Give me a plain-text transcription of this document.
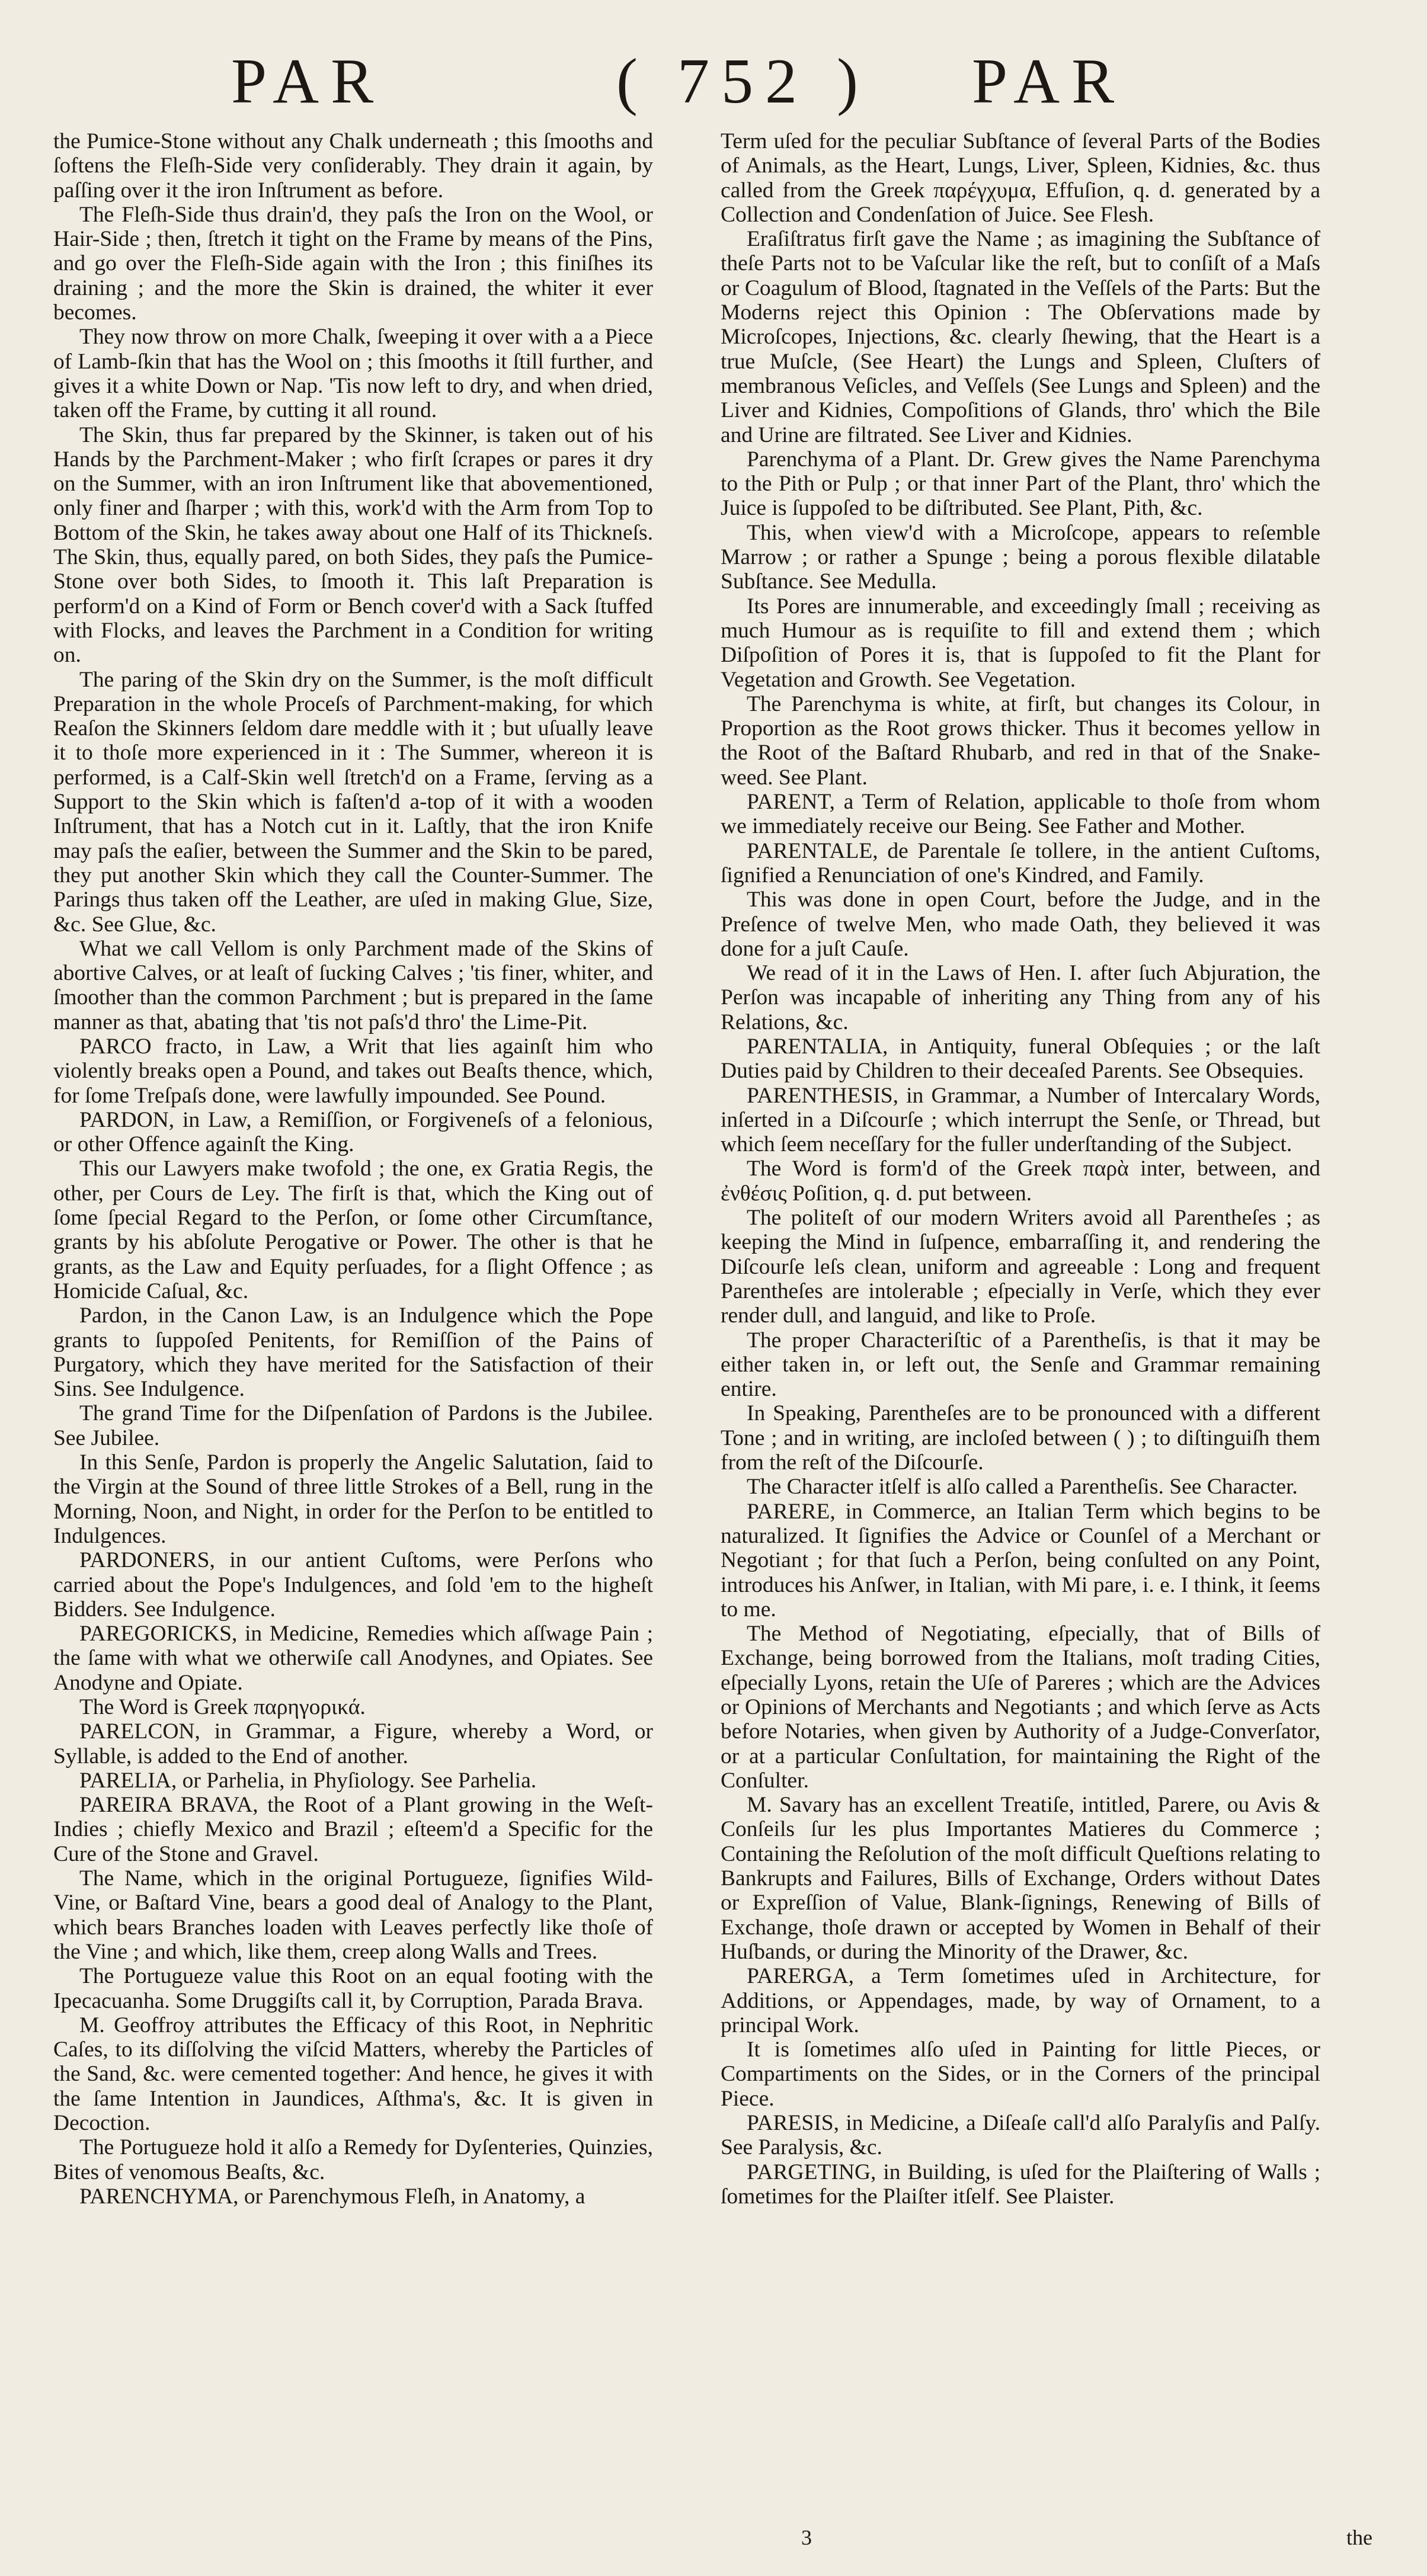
PAR	( 752 ) PAR

the Pumice-Stone without any Chalk underneath ; this ſmooths and ſoftens the Fleſh-Side very conſiderably. They drain it again, by paſſing over it the iron Inſtrument as before.

The Fleſh-Side thus drain'd, they paſs the Iron on the Wool, or Hair-Side ; then, ſtretch it tight on the Frame by means of the Pins, and go over the Fleſh-Side again with the Iron ; this finiſhes its draining ; and the more the Skin is drained, the whiter it ever becomes.

They now throw on more Chalk, ſweeping it over with a a Piece of Lamb-ſkin that has the Wool on ; this ſmooths it ſtill further, and gives it a white Down or Nap. 'Tis now left to dry, and when dried, taken off the Frame, by cutting it all round.

The Skin, thus far prepared by the Skinner, is taken out of his Hands by the Parchment-Maker ; who firſt ſcrapes or pares it dry on the Summer, with an iron Inſtrument like that abovementioned, only finer and ſharper ; with this, work'd with the Arm from Top to Bottom of the Skin, he takes away about one Half of its Thickneſs. The Skin, thus, equally pared, on both Sides, they paſs the Pumice-Stone over both Sides, to ſmooth it. This laſt Preparation is perform'd on a Kind of Form or Bench cover'd with a Sack ſtuffed with Flocks, and leaves the Parchment in a Condition for writing on.

The paring of the Skin dry on the Summer, is the moſt difficult Preparation in the whole Proceſs of Parchment-making, for which Reaſon the Skinners ſeldom dare meddle with it ; but uſually leave it to thoſe more experienced in it : The Summer, whereon it is performed, is a Calf-Skin well ſtretch'd on a Frame, ſerving as a Support to the Skin which is faſten'd a-top of it with a wooden Inſtrument, that has a Notch cut in it. Laſtly, that the iron Knife may paſs the eaſier, between the Summer and the Skin to be pared, they put another Skin which they call the Counter-Summer. The Parings thus taken off the Leather, are uſed in making Glue, Size, &c. See Glue, &c.

What we call Vellom is only Parchment made of the Skins of abortive Calves, or at leaſt of ſucking Calves ; 'tis finer, whiter, and ſmoother than the common Parchment ; but is prepared in the ſame manner as that, abating that 'tis not paſs'd thro' the Lime-Pit.

PARCO fracto, in Law, a Writ that lies againſt him who violently breaks open a Pound, and takes out Beaſts thence, which, for ſome Treſpaſs done, were lawfully impounded. See Pound.

PARDON, in Law, a Remiſſion, or Forgiveneſs of a felonious, or other Offence againſt the King.

This our Lawyers make twofold ; the one, ex Gratia Regis, the other, per Cours de Ley. The firſt is that, which the King out of ſome ſpecial Regard to the Perſon, or ſome other Circumſtance, grants by his abſolute Perogative or Power. The other is that he grants, as the Law and Equity perſuades, for a ſlight Offence ; as Homicide Caſual, &c.

Pardon, in the Canon Law, is an Indulgence which the Pope grants to ſuppoſed Penitents, for Remiſſion of the Pains of Purgatory, which they have merited for the Satisfaction of their Sins. See Indulgence.

The grand Time for the Diſpenſation of Pardons is the Jubilee. See Jubilee.

In this Senſe, Pardon is properly the Angelic Salutation, ſaid to the Virgin at the Sound of three little Strokes of a Bell, rung in the Morning, Noon, and Night, in order for the Perſon to be entitled to Indulgences.

PARDONERS, in our antient Cuſtoms, were Perſons who carried about the Pope's Indulgences, and ſold 'em to the higheſt Bidders. See Indulgence.

PAREGORICKS, in Medicine, Remedies which aſſwage Pain ; the ſame with what we otherwiſe call Anodynes, and Opiates. See Anodyne and Opiate.

The Word is Greek παρηγορικά.

PARELCON, in Grammar, a Figure, whereby a Word, or Syllable, is added to the End of another.

PARELIA, or Parhelia, in Phyſiology. See Parhelia.

PAREIRA BRAVA, the Root of a Plant growing in the Weſt-Indies ; chiefly Mexico and Brazil ; eſteem'd a Specific for the Cure of the Stone and Gravel.

The Name, which in the original Portugueze, ſignifies Wild-Vine, or Baſtard Vine, bears a good deal of Analogy to the Plant, which bears Branches loaden with Leaves perfectly like thoſe of the Vine ; and which, like them, creep along Walls and Trees.

The Portugueze value this Root on an equal footing with the Ipecacuanha. Some Druggiſts call it, by Corruption, Parada Brava.

M. Geoffroy attributes the Efficacy of this Root, in Nephritic Caſes, to its diſſolving the viſcid Matters, whereby the Particles of the Sand, &c. were cemented together: And hence, he gives it with the ſame Intention in Jaundices, Aſthma's, &c. It is given in Decoction.

The Portugueze hold it alſo a Remedy for Dyſenteries, Quinzies, Bites of venomous Beaſts, &c.

PARENCHYMA, or Parenchymous Fleſh, in Anatomy, a

Term uſed for the peculiar Subſtance of ſeveral Parts of the Bodies of Animals, as the Heart, Lungs, Liver, Spleen, Kidnies, &c. thus called from the Greek παρέγχυμα, Effuſion, q. d. generated by a Collection and Condenſation of Juice. See Flesh.

Eraſiſtratus firſt gave the Name ; as imagining the Subſtance of theſe Parts not to be Vaſcular like the reſt, but to conſiſt of a Maſs or Coagulum of Blood, ſtagnated in the Veſſels of the Parts: But the Moderns reject this Opinion : The Obſervations made by Microſcopes, Injections, &c. clearly ſhewing, that the Heart is a true Muſcle, (See Heart) the Lungs and Spleen, Cluſters of membranous Veſicles, and Veſſels (See Lungs and Spleen) and the Liver and Kidnies, Compoſitions of Glands, thro' which the Bile and Urine are filtrated. See Liver and Kidnies.

Parenchyma of a Plant. Dr. Grew gives the Name Parenchyma to the Pith or Pulp ; or that inner Part of the Plant, thro' which the Juice is ſuppoſed to be diſtributed. See Plant, Pith, &c.

This, when view'd with a Microſcope, appears to reſemble Marrow ; or rather a Spunge ; being a porous flexible dilatable Subſtance. See Medulla.

Its Pores are innumerable, and exceedingly ſmall ; receiving as much Humour as is requiſite to fill and extend them ; which Diſpoſition of Pores it is, that is ſuppoſed to fit the Plant for Vegetation and Growth. See Vegetation.

The Parenchyma is white, at firſt, but changes its Colour, in Proportion as the Root grows thicker. Thus it becomes yellow in the Root of the Baſtard Rhubarb, and red in that of the Snake-weed. See Plant.

PARENT, a Term of Relation, applicable to thoſe from whom we immediately receive our Being. See Father and Mother.

PARENTALE, de Parentale ſe tollere, in the antient Cuſtoms, ſignified a Renunciation of one's Kindred, and Family.

This was done in open Court, before the Judge, and in the Preſence of twelve Men, who made Oath, they believed it was done for a juſt Cauſe.

We read of it in the Laws of Hen. I. after ſuch Abjuration, the Perſon was incapable of inheriting any Thing from any of his Relations, &c.

PARENTALIA, in Antiquity, funeral Obſequies ; or the laſt Duties paid by Children to their deceaſed Parents. See Obsequies.

PARENTHESIS, in Grammar, a Number of Intercalary Words, inſerted in a Diſcourſe ; which interrupt the Senſe, or Thread, but which ſeem neceſſary for the fuller underſtanding of the Subject.

The Word is form'd of the Greek παρὰ inter, between, and ἐνθέσις Poſition, q. d. put between.

The politeſt of our modern Writers avoid all Parentheſes ; as keeping the Mind in ſuſpence, embarraſſing it, and rendering the Diſcourſe leſs clean, uniform and agreeable : Long and frequent Parentheſes are intolerable ; eſpecially in Verſe, which they ever render dull, and languid, and like to Proſe.

The proper Characteriſtic of a Parentheſis, is that it may be either taken in, or left out, the Senſe and Grammar remaining entire.

In Speaking, Parentheſes are to be pronounced with a different Tone ; and in writing, are incloſed between ( ) ; to diſtinguiſh them from the reſt of the Diſcourſe.

The Character itſelf is alſo called a Parentheſis. See Character.

PARERE, in Commerce, an Italian Term which begins to be naturalized. It ſignifies the Advice or Counſel of a Merchant or Negotiant ; for that ſuch a Perſon, being conſulted on any Point, introduces his Anſwer, in Italian, with Mi pare, i. e. I think, it ſeems to me.

The Method of Negotiating, eſpecially, that of Bills of Exchange, being borrowed from the Italians, moſt trading Cities, eſpecially Lyons, retain the Uſe of Pareres ; which are the Advices or Opinions of Merchants and Negotiants ; and which ſerve as Acts before Notaries, when given by Authority of a Judge-Converſator, or at a particular Conſultation, for maintaining the Right of the Conſulter.

M. Savary has an excellent Treatiſe, intitled, Parere, ou Avis & Conſeils ſur les plus Importantes Matieres du Commerce ; Containing the Reſolution of the moſt difficult Queſtions relating to Bankrupts and Failures, Bills of Exchange, Orders without Dates or Expreſſion of Value, Blank-ſignings, Renewing of Bills of Exchange, thoſe drawn or accepted by Women in Behalf of their Huſbands, or during the Minority of the Drawer, &c.

PARERGA, a Term ſometimes uſed in Architecture, for Additions, or Appendages, made, by way of Ornament, to a principal Work.

It is ſometimes alſo uſed in Painting for little Pieces, or Compartiments on the Sides, or in the Corners of the principal Piece.

PARESIS, in Medicine, a Diſeaſe call'd alſo Paralyſis and Palſy. See Paralysis, &c.

PARGETING, in Building, is uſed for the Plaiſtering of Walls ; ſometimes for the Plaiſter itſelf. See Plaister.

3	the
